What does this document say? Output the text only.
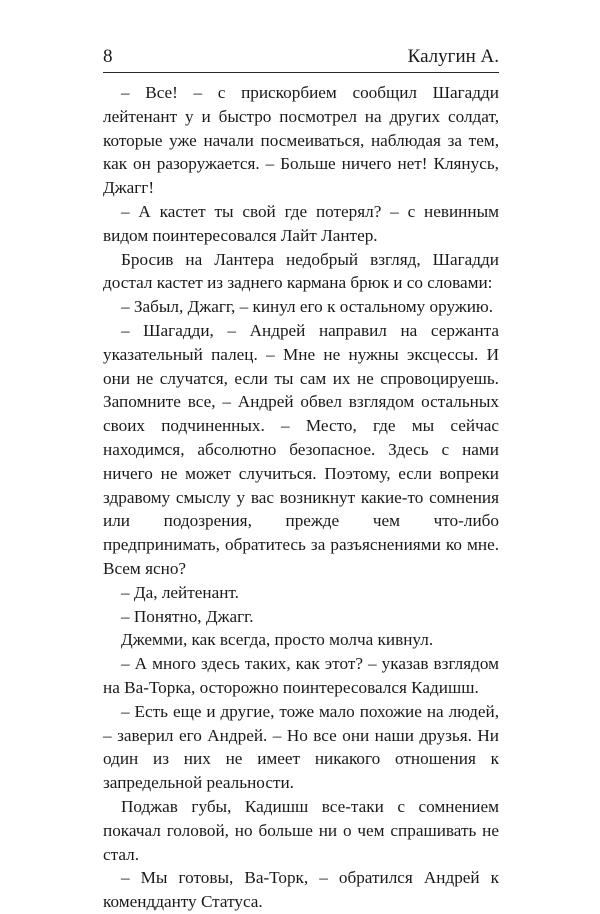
8	Калугин А.

– Все! – с прискорбием сообщил Шагадди лейтенант у и быстро посмотрел на других солдат, которые уже начали посмеиваться, наблюдая за тем, как он разоружается. – Больше ничего нет! Клянусь, Джагг!

– А кастет ты свой где потерял? – с невинным видом поинтересовался Лайт Лантер.

Бросив на Лантера недобрый взгляд, Шагадди достал кастет из заднего кармана брюк и со словами:

– Забыл, Джагг, – кинул его к остальному оружию.

– Шагадди, – Андрей направил на сержанта указательный палец. – Мне не нужны эксцессы. И они не случатся, если ты сам их не спровоцируешь. Запомните все, – Андрей обвел взглядом остальных своих подчиненных. – Место, где мы сейчас находимся, абсолютно безопасное. Здесь с нами ничего не может случиться. Поэтому, если вопреки здравому смыслу у вас возникнут какие-то сомнения или подозрения, прежде чем что-либо предпринимать, обратитесь за разъяснениями ко мне. Всем ясно?

– Да, лейтенант.

– Понятно, Джагг.

Джемми, как всегда, просто молча кивнул.

– А много здесь таких, как этот? – указав взглядом на Ва-Торка, осторожно поинтересовался Кадишш.

– Есть еще и другие, тоже мало похожие на людей, – заверил его Андрей. – Но все они наши друзья. Ни один из них не имеет никакого отношения к запредельной реальности.

Поджав губы, Кадишш все-таки с сомнением покачал головой, но больше ни о чем спрашивать не стал.

– Мы готовы, Ва-Торк, – обратился Андрей к комендданту Статуса.
